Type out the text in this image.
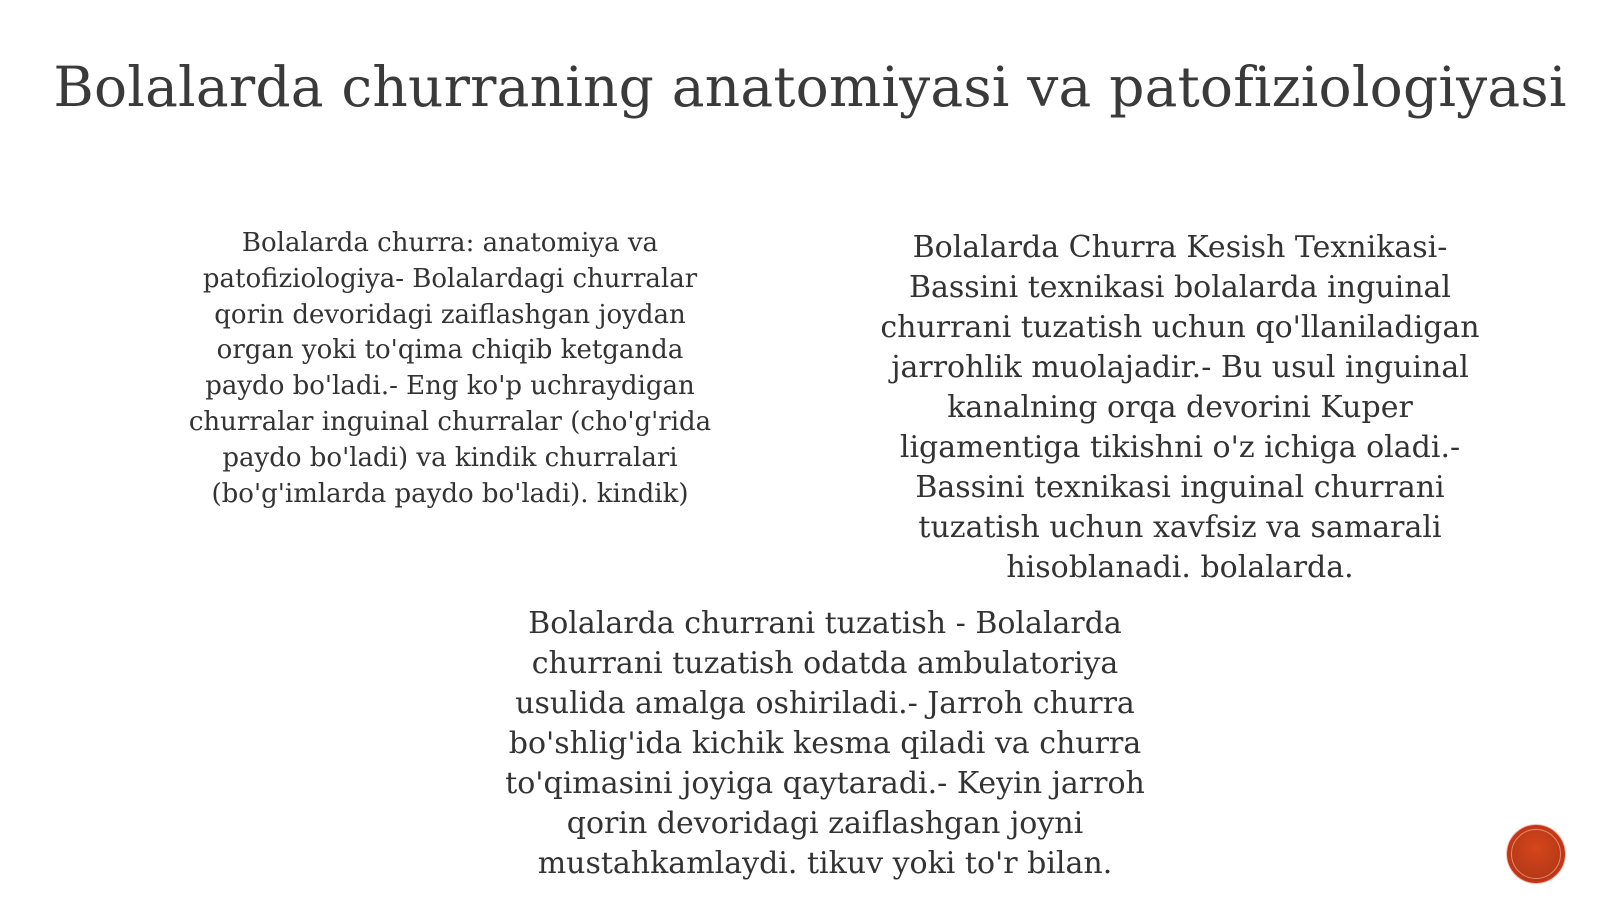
Bolalarda churraning anatomiyasi va patofiziologiyasi
Bolalarda churra: anatomiya va
patofiziologiya- Bolalardagi churralar
qorin devoridagi zaiflashgan joydan
organ yoki to'qima chiqib ketganda
paydo bo'ladi.- Eng ko'p uchraydigan
churralar inguinal churralar (cho'g'rida
paydo bo'ladi) va kindik churralari
(bo'g'imlarda paydo bo'ladi). kindik)
Bolalarda Churra Kesish Texnikasi-
Bassini texnikasi bolalarda inguinal
churrani tuzatish uchun qo'llaniladigan
jarrohlik muolajadir.- Bu usul inguinal
kanalning orqa devorini Kuper
ligamentiga tikishni o'z ichiga oladi.-
Bassini texnikasi inguinal churrani
tuzatish uchun xavfsiz va samarali
hisoblanadi. bolalarda.
Bolalarda churrani tuzatish - Bolalarda
churrani tuzatish odatda ambulatoriya
usulida amalga oshiriladi.- Jarroh churra
bo'shlig'ida kichik kesma qiladi va churra
to'qimasini joyiga qaytaradi.- Keyin jarroh
qorin devoridagi zaiflashgan joyni
mustahkamlaydi. tikuv yoki to'r bilan.
